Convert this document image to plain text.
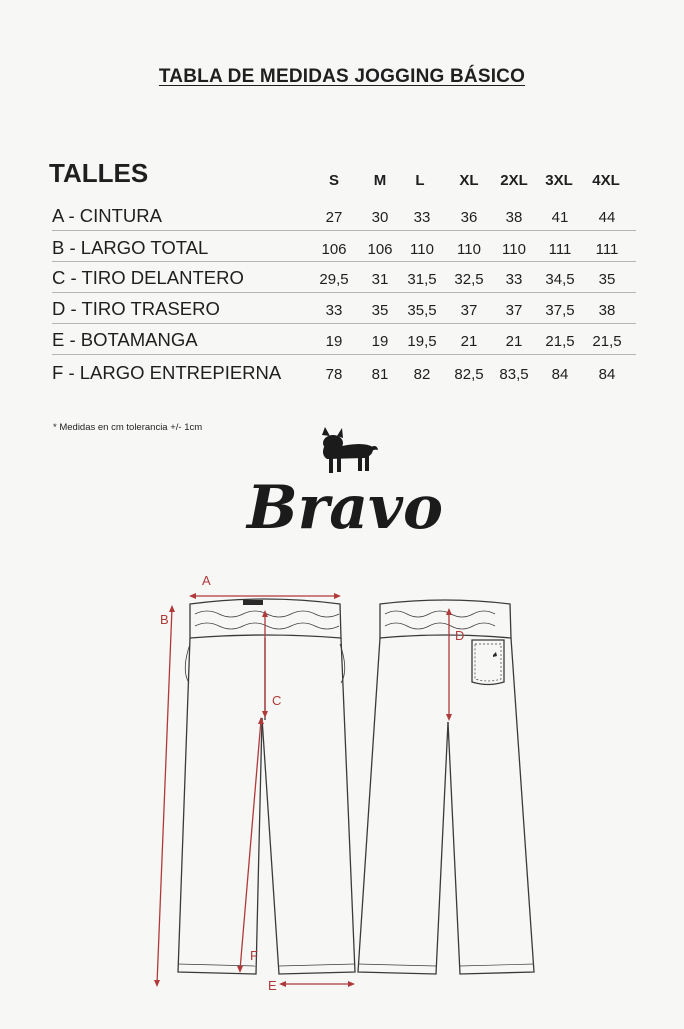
TABLA DE MEDIDAS JOGGING BÁSICO
TALLES	S	M	L	XL	2XL	3XL	4XL
A - CINTURA	27	30	33	36	38	41	44
B - LARGO TOTAL	106	106	110	110	110	111	111
C - TIRO DELANTERO	29,5	31	31,5	32,5	33	34,5	35
D - TIRO TRASERO	33	35	35,5	37	37	37,5	38
E - BOTAMANGA	19	19	19,5	21	21	21,5	21,5
F - LARGO ENTREPIERNA	78	81	82	82,5	83,5	84	84
* Medidas en cm tolerancia +/- 1cm
Bravo
A
B
C
D
E
F
